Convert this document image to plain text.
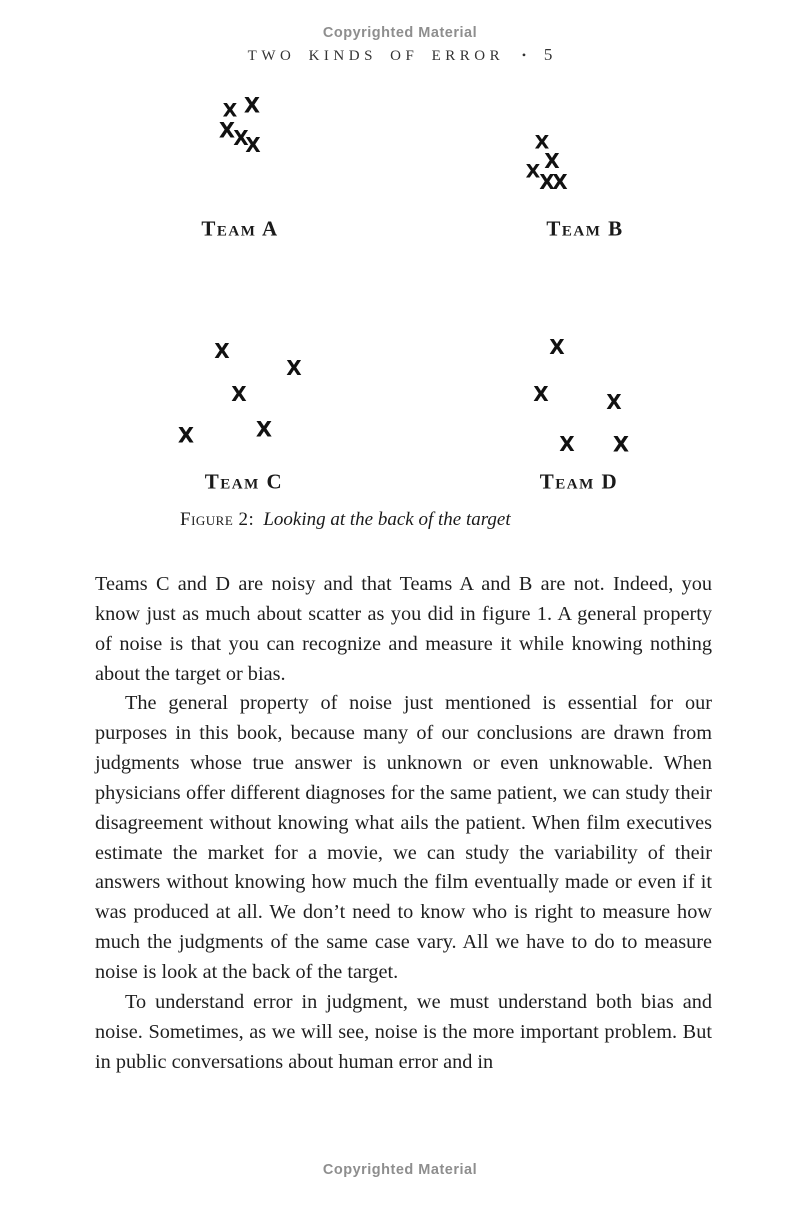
Copyrighted Material
TWO KINDS OF ERROR • 5
Team A
X X
X
X
X
Team B
X
X
X
X
X
Team C
X
X
X
X
X
Team D
X
X	X
X X
Figure 2: Looking at the back of the target

Teams C and D are noisy and that Teams A and B are not. Indeed, you know just as much about scatter as you did in figure 1. A general property of noise is that you can recognize and measure it while knowing nothing about the target or bias.

The general property of noise just mentioned is essential for our purposes in this book, because many of our conclusions are drawn from judgments whose true answer is unknown or even unknowable. When physicians offer different diagnoses for the same patient, we can study their disagreement without knowing what ails the patient. When film executives estimate the market for a movie, we can study the variability of their answers without knowing how much the film eventually made or even if it was produced at all. We don’t need to know who is right to measure how much the judgments of the same case vary. All we have to do to measure noise is look at the back of the target.

To understand error in judgment, we must understand both bias and noise. Sometimes, as we will see, noise is the more important problem. But in public conversations about human error and in

Copyrighted Material
